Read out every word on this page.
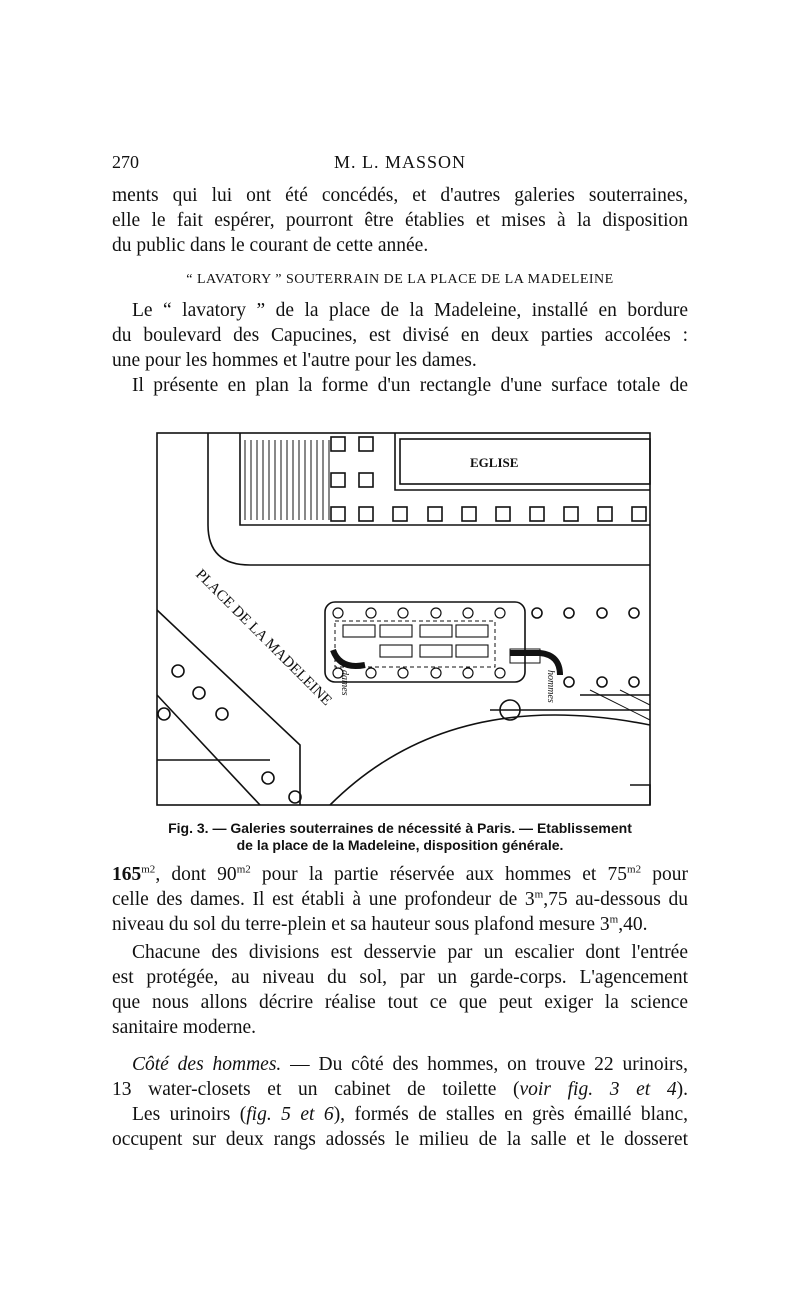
270	M. L. MASSON
ments qui lui ont été concédés, et d'autres galeries souterraines,
elle le fait espérer, pourront être établies et mises à la disposition
du public dans le courant de cette année.
“ LAVATORY ” SOUTERRAIN DE LA PLACE DE LA MADELEINE
Le “ lavatory ” de la place de la Madeleine, installé en bordure
du boulevard des Capucines, est divisé en deux parties accolées :
une pour les hommes et l'autre pour les dames.
Il présente en plan la forme d'un rectangle d'une surface totale de
EGLISE
PLACE DE LA MADELEINE dames	hommes
Fig. 3. — Galeries souterraines de nécessité à Paris. — Etablissement
de la place de la Madeleine, disposition générale.
$165^{m2}$, dont $90^{m2}$ pour la partie réservée aux hommes et $75^{m2}$ pour
celle des dames. Il est établi à une profondeur de 3$^m$,75 au-dessous du
niveau du sol du terre-plein et sa hauteur sous plafond mesure 3$^m$,40.
Chacune des divisions est desservie par un escalier dont l'entrée
est protégée, au niveau du sol, par un garde-corps. L'agencement
que nous allons décrire réalise tout ce que peut exiger la science
sanitaire moderne.
Côté des hommes. — Du côté des hommes, on trouve 22 urinoirs,
13 water-closets et un cabinet de toilette (voir fig. 3 et 4).
Les urinoirs (fig. 5 et 6), formés de stalles en grès émaillé blanc,
occupent sur deux rangs adossés le milieu de la salle et le dosseret
